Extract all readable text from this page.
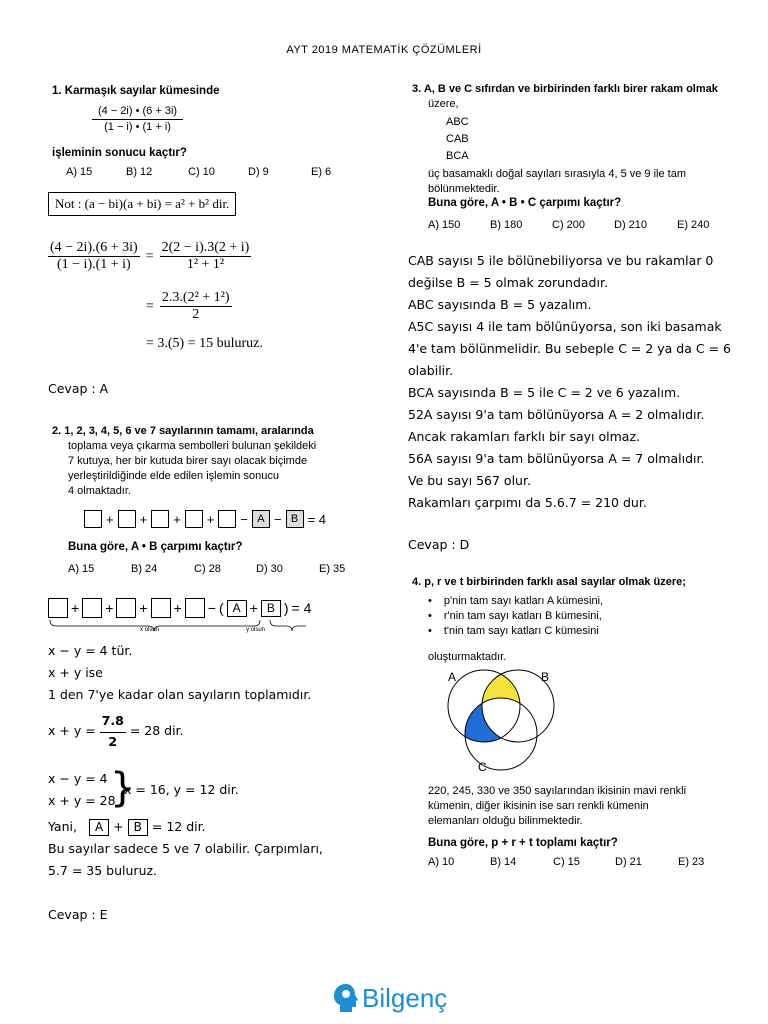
AYT 2019 MATEMATİK ÇÖZÜMLERİ
1. Karmaşık sayılar kümesinde
$\frac{(4 - 2i) • (6 + 3i)}{(1 - i) • (1 + i)}$
işleminin sonucu kaçtır?
A) 15	B) 12	C) 10	D) 9	E) 6
Not : (a − bi)(a + bi) = a² + b² dir.
$\frac{(4 - 2i).(6 + 3i)}{(1 - i).(1 + i)} = \frac{2(2 - i).3(2 + i)}{\text{1² + 1²}}$
= $\frac{\text{2.3.(2² + 1²)}}{2}$
= 3.(5) = 15 buluruz.
Cevap : A
2. 1, 2, 3, 4, 5, 6 ve 7 sayılarının tamamı, aralarında
toplama veya çıkarma sembolleri bulunan şekildeki
7 kutuya, her bir kutuda birer sayı olacak biçimde
yerleştirildiğinde elde edilen işlemin sonucu
4 olmaktadır.
+ + + + − A − B = 4
Buna göre, A • B çarpımı kaçtır?
A) 15	B) 24	C) 28	D) 30	E) 35
+ + + + − ( A + B ) = 4
x olsun	y olsun
x − y = 4 tür.
x + y ise
1 den 7'ye kadar olan sayıların toplamıdır.
$x + y = \frac{7.8}{2} = 28$ dir.
x − y = 4
x + y = 28
}
x = 16, y = 12 dir.
Yani,	A + B = 12 dir.
Bu sayılar sadece 5 ve 7 olabilir. Çarpımları,
5.7 = 35 buluruz.
Cevap : E
3. A, B ve C sıfırdan ve birbirinden farklı birer rakam olmak
üzere,
ABC
CAB
BCA
üç basamaklı doğal sayıları sırasıyla 4, 5 ve 9 ile tam
bölünmektedir.
Buna göre, A • B • C çarpımı kaçtır?
A) 150	B) 180	C) 200	D) 210	E) 240
CAB sayısı 5 ile bölünebiliyorsa ve bu rakamlar 0
değilse B = 5 olmak zorundadır.
ABC sayısında B = 5 yazalım.
A5C sayısı 4 ile tam bölünüyorsa, son iki basamak
4'e tam bölünmelidir. Bu sebeple C = 2 ya da C = 6
olabilir.
BCA sayısında B = 5 ile C = 2 ve 6 yazalım.
52A sayısı 9'a tam bölünüyorsa A = 2 olmalıdır.
Ancak rakamları farklı bir sayı olmaz.
56A sayısı 9'a tam bölünüyorsa A = 7 olmalıdır.
Ve bu sayı 567 olur.
Rakamları çarpımı da 5.6.7 = 210 dur.
Cevap : D
4. p, r ve t birbirinden farklı asal sayılar olmak üzere;
• p'nin tam sayı katları A kümesini,
• r'nin tam sayı katları B kümesini,
• t'nin tam sayı katları C kümesini
oluşturmaktadır.
A	B
C
220, 245, 330 ve 350 sayılarından ikisinin mavi renkli
kümenin, diğer ikisinin ise sarı renkli kümenin
elemanları olduğu bilinmektedir.
Buna göre, p + r + t toplamı kaçtır?
A) 10	B) 14	C) 15	D) 21	E) 23
Bilgenç
